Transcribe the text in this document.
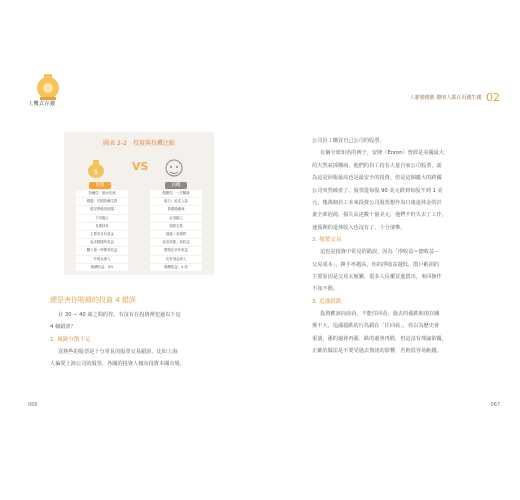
上機式存錢
圖表 2-2　投資與投機比較
$	VS
投資	投機
持續性：細水長流
穩健：長期持續生財
做足準備再進場
不用擔心
長期持有
主要用自有資金
追求穩健的收益
購入第一時間有收益
有現金流入
報酬收益：X%
殺雞性：一次賺滿
風口：追求人氣
要跟隨潮流
必須擔心
頻繁交易
借錢＋高槓桿
追求高報、高收益
價格在求有收益
沒有現金流入
報酬收益：X 倍
總是害你賠錢的投資 4 錯誤
在 30 ∼ 40 歲之間的你，有沒有在投資裡犯過以下這
4 個錯誤？
1. 風險分散不足
買熱些的股票是十分常見的股票交易錯誤，比如上海
人偏愛上海公司的股票，各國的投資人傾向投資本國市場，
066
人脈變錢脈 聰明人都在用錢生錢 02
公司員工購買自己公司的股票。
有個全球知名的例子，安隆（Enron）曾經是美國最大
的天然氣採購商，他們的員工持有大量自家公司股票，認
為這是回報最高也是最安全的投資，但是這個龐大的跨國
公司突然破產了，股票從每股 90 美元跌到每股不到 1 美
元，幾萬個員工本來投資公司股票想作為日後退休金的計
畫全部泡湯，損失高達數十億美元，他們不但失去了工作，
連預期的退休收入也沒有了，十分淒慘。
2. 頻繁交易
這也是投資中常見的錯誤，因為「淨收益＝總收益－
交易成本」，換手率越高，你的淨收益越低，散戶虧損的
主要原因是交易太頻繁，很多人反覆買進賣出，來回操作
不如不動。
3. 追漲殺跌
投資應該向前看，不能往回看，過去的漲跌和現在關
係不大，追漲殺跌的行為錯在「往回看」，你以為歷史會
重演，漲的還會再漲、跌的還會再跌，但這沒有理論依據，
正確的做法是不要受過去資訊的影響，否則很容易虧錢。
067
